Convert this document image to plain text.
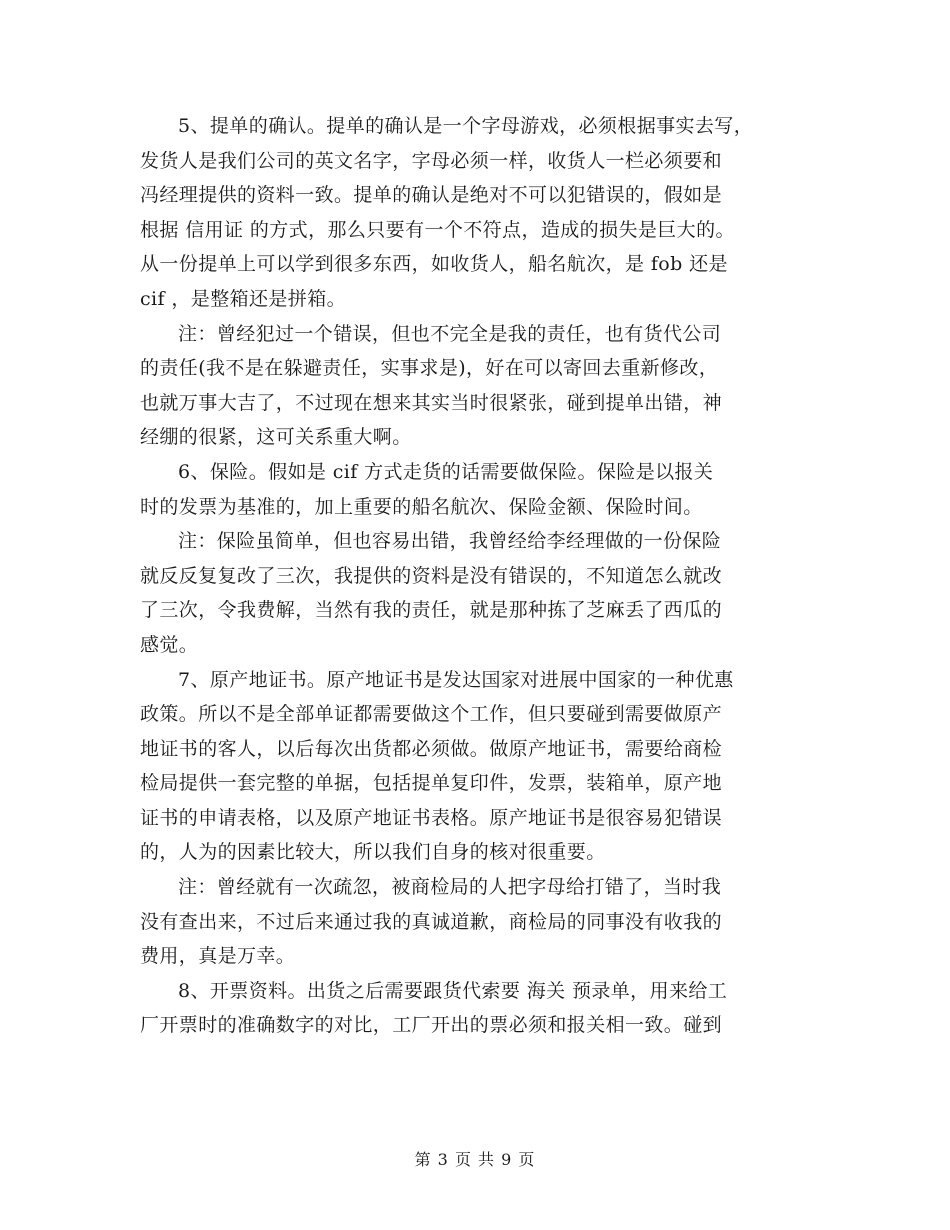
5、提单的确认。提单的确认是一个字母游戏，必须根据事实去写，
发货人是我们公司的英文名字，字母必须一样，收货人一栏必须要和
冯经理提供的资料一致。提单的确认是绝对不可以犯错误的，假如是
根据 信用证 的方式，那么只要有一个不符点，造成的损失是巨大的。
从一份提单上可以学到很多东西，如收货人，船名航次，是 fob 还是
cif ，是整箱还是拼箱。
注：曾经犯过一个错误，但也不完全是我的责任，也有货代公司
的责任(我不是在躲避责任，实事求是)，好在可以寄回去重新修改，
也就万事大吉了，不过现在想来其实当时很紧张，碰到提单出错，神
经绷的很紧，这可关系重大啊。
6、保险。假如是 cif 方式走货的话需要做保险。保险是以报关
时的发票为基准的，加上重要的船名航次、保险金额、保险时间。
注：保险虽简单，但也容易出错，我曾经给李经理做的一份保险
就反反复复改了三次，我提供的资料是没有错误的，不知道怎么就改
了三次，令我费解，当然有我的责任，就是那种拣了芝麻丢了西瓜的
感觉。
7、原产地证书。原产地证书是发达国家对进展中国家的一种优惠
政策。所以不是全部单证都需要做这个工作，但只要碰到需要做原产
地证书的客人，以后每次出货都必须做。做原产地证书，需要给商检
检局提供一套完整的单据，包括提单复印件，发票，装箱单，原产地
证书的申请表格，以及原产地证书表格。原产地证书是很容易犯错误
的，人为的因素比较大，所以我们自身的核对很重要。
注：曾经就有一次疏忽，被商检局的人把字母给打错了，当时我
没有查出来，不过后来通过我的真诚道歉，商检局的同事没有收我的
费用，真是万幸。
8、开票资料。出货之后需要跟货代索要 海关 预录单，用来给工
厂开票时的准确数字的对比，工厂开出的票必须和报关相一致。碰到
第 3 页 共 9 页
